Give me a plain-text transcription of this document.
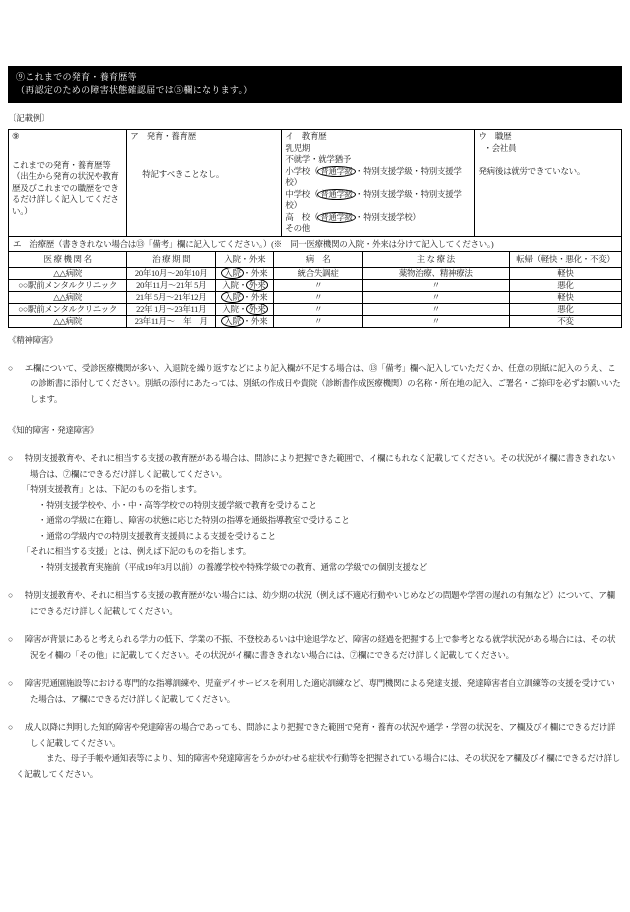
⑨これまでの発育・養育歴等
（再認定のための障害状態確認届では⑤欄になります。）
〔記載例〕
⑨
これまでの発育・養育歴等（出生から発育の状況や教育歴及びこれまでの職歴をできるだけ詳しく記入してください。）

ア　発育・養育歴
特記すべきことなし。

イ　教育歴
乳児期
不就学・就学猶予
小学校（ 普通学級 ・特別支援学級・特別支援学校）
中学校（ 普通学級 ・特別支援学級・特別支援学校）
高　校（ 普通学級 ・特別支援学校）
その他

ウ　職歴
・会社員
発病後は就労できていない。
エ　治療歴（書ききれない場合は⑬「備考」欄に記入してください。）(※　同一医療機関の入院・外来は分けて記入してください。)					
医 療 機 関 名	治 療 期 間	入院・外来	病　名	主 な 療 法	転帰（軽快・悪化・不変）
△△病院	20年10月～20年10月	入院 ・外来	統合失調症	薬物治療、精神療法	軽快
○○駅前メンタルクリニック	20年11月～21年 5月	入院・ 外来	〃	〃	悪化
△△病院	21年 5月～21年12月	入院 ・外来	〃	〃	軽快
○○駅前メンタルクリニック	22年 1月～23年11月	入院・ 外来	〃	〃	悪化
△△病院	23年11月～　年　月	入院 ・外来	〃	〃	不変
《精神障害》
○ エ欄について、受診医療機関が多い、入退院を繰り返すなどにより記入欄が不足する場合は、⑬「備考」欄へ記入していただくか、任意の別紙に記入のうえ、この診断書に添付してください。別紙の添付にあたっては、別紙の作成日や貴院（診断書作成医療機関）の名称・所在地の記入、ご署名・ご捺印を必ずお願いいたします。
《知的障害・発達障害》
○ 特別支援教育や、それに相当する支援の教育歴がある場合は、問診により把握できた範囲で、イ欄にもれなく記載してください。その状況がイ欄に書ききれない場合は、⑦欄にできるだけ詳しく記載してください。
「特別支援教育」とは、下記のものを指します。
・特別支援学校や、小・中・高等学校での特別支援学級で教育を受けること
・通常の学級に在籍し、障害の状態に応じた特別の指導を通級指導教室で受けること
・通常の学級内での特別支援教育支援員による支援を受けること
「それに相当する支援」とは、例えば下記のものを指します。
・特別支援教育実施前（平成19年3月以前）の養護学校や特殊学級での教育、通常の学級での個別支援など
○ 特別支援教育や、それに相当する支援の教育歴がない場合には、幼少期の状況（例えば不適応行動やいじめなどの問題や学習の遅れの有無など）について、ア欄にできるだけ詳しく記載してください。
○ 障害が背景にあると考えられる学力の低下、学業の不振、不登校あるいは中途退学など、障害の経過を把握する上で参考となる就学状況がある場合には、その状況をイ欄の「その他」に記載してください。その状況がイ欄に書ききれない場合には、⑦欄にできるだけ詳しく記載してください。
○ 障害児通園施設等における専門的な指導訓練や、児童デイサービスを利用した適応訓練など、専門機関による発達支援、発達障害者自立訓練等の支援を受けていた場合は、ア欄にできるだけ詳しく記載してください。
○ 成人以降に判明した知的障害や発達障害の場合であっても、問診により把握できた範囲で発育・養育の状況や通学・学習の状況を、ア欄及びイ欄にできるだけ詳しく記載してください。
また、母子手帳や通知表等により、知的障害や発達障害をうかがわせる症状や行動等を把握されている場合には、その状況をア欄及びイ欄にできるだけ詳しく記載してください。
